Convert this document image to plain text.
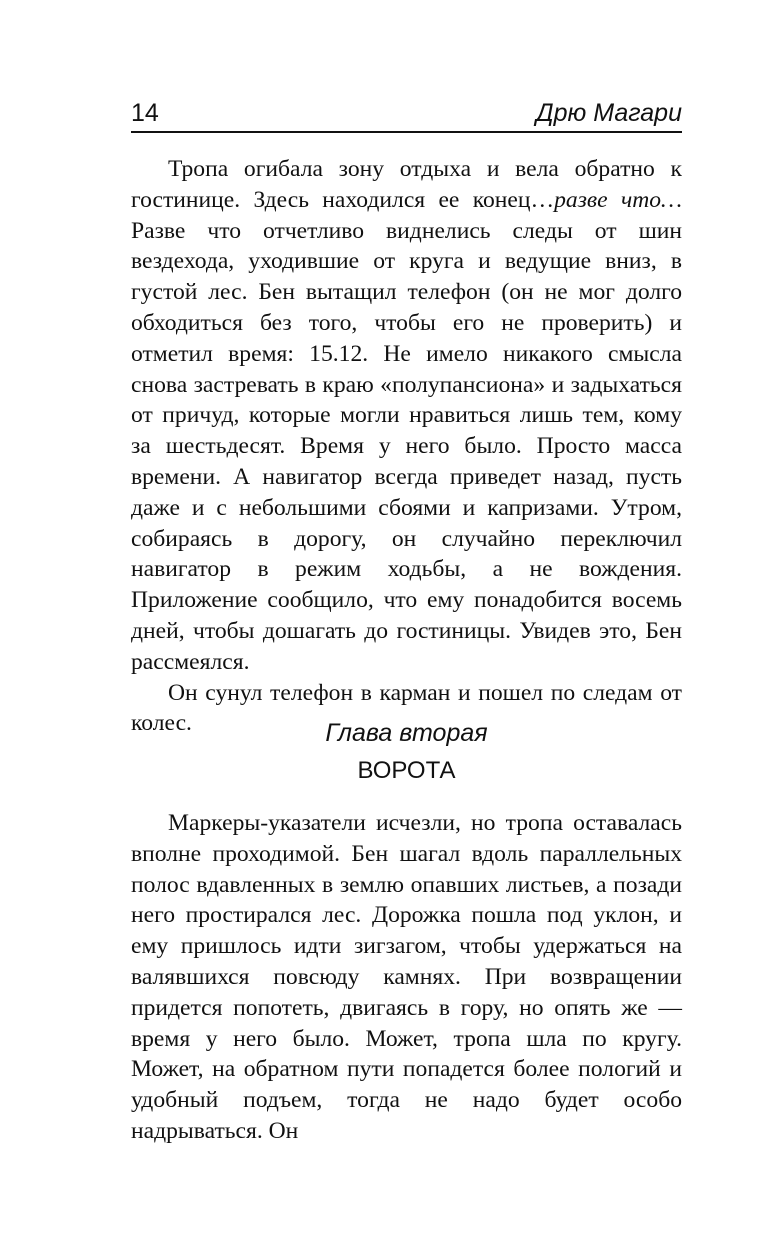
14	Дрю Магари

Тропа огибала зону отдыха и вела обратно к гостинице. Здесь находился ее конец…разве что… Разве что отчетливо виднелись следы от шин вездехода, уходившие от круга и ведущие вниз, в густой лес. Бен вытащил телефон (он не мог долго обходиться без того, чтобы его не проверить) и отметил время: 15.12. Не имело никакого смысла снова застревать в краю «полупансиона» и задыхаться от причуд, которые могли нравиться лишь тем, кому за шестьдесят. Время у него было. Просто масса времени. А навигатор всегда приведет назад, пусть даже и с небольшими сбоями и капризами. Утром, собираясь в дорогу, он случайно переключил навигатор в режим ходьбы, а не вождения. Приложение сообщило, что ему понадобится восемь дней, чтобы дошагать до гостиницы. Увидев это, Бен рассмеялся.

Он сунул телефон в карман и пошел по следам от колес.	Глава вторая
ВОРОТА

Маркеры-указатели исчезли, но тропа оставалась вполне проходимой. Бен шагал вдоль параллельных полос вдавленных в землю опавших листьев, а позади него простирался лес. Дорожка пошла под уклон, и ему пришлось идти зигзагом, чтобы удержаться на валявшихся повсюду камнях. При возвращении придется попотеть, двигаясь в гору, но опять же — время у него было. Может, тропа шла по кругу. Может, на обратном пути попадется более пологий и удобный подъем, тогда не надо будет особо надрываться. Он
